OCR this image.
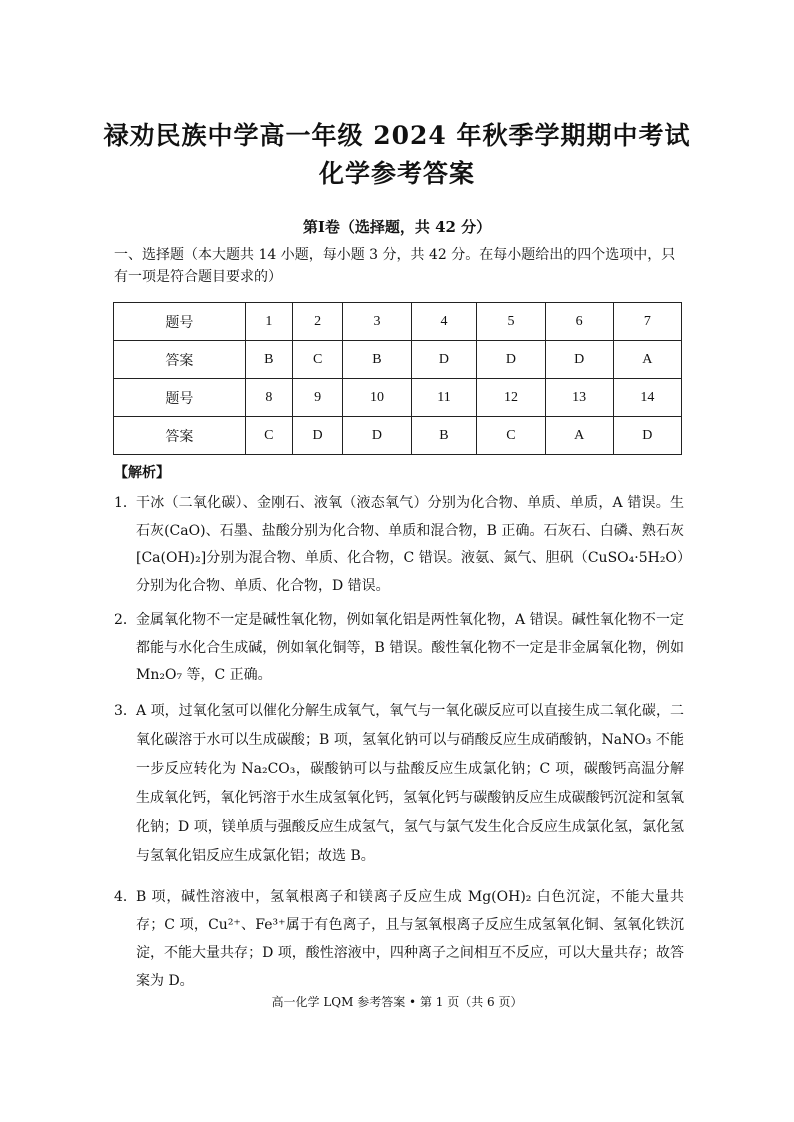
禄劝民族中学高一年级 2024 年秋季学期期中考试
化学参考答案
第Ⅰ卷（选择题，共 42 分）
一、选择题（本大题共 14 小题，每小题 3 分，共 42 分。在每小题给出的四个选项中，只有一项是符合题目要求的）
题号	1	2	3	4	5	6	7
答案	B	C	B	D	D	D	A
题号	8	9	10	11	12	13	14
答案	C	D	D	B	C	A	D
【解析】
1． 干冰（二氧化碳）、金刚石、液氧（液态氧气）分别为化合物、单质、单质，A 错误。生石灰(CaO)、石墨、盐酸分别为化合物、单质和混合物，B 正确。石灰石、白磷、熟石灰[Ca(OH)₂]分别为混合物、单质、化合物，C 错误。液氨、氮气、胆矾（CuSO₄·5H₂O）分别为化合物、单质、化合物，D 错误。
2． 金属氧化物不一定是碱性氧化物，例如氧化铝是两性氧化物，A 错误。碱性氧化物不一定都能与水化合生成碱，例如氧化铜等，B 错误。酸性氧化物不一定是非金属氧化物，例如 Mn₂O₇ 等，C 正确。
3． A 项，过氧化氢可以催化分解生成氧气，氧气与一氧化碳反应可以直接生成二氧化碳，二氧化碳溶于水可以生成碳酸；B 项，氢氧化钠可以与硝酸反应生成硝酸钠，NaNO₃ 不能一步反应转化为 Na₂CO₃，碳酸钠可以与盐酸反应生成氯化钠；C 项，碳酸钙高温分解生成氧化钙，氧化钙溶于水生成氢氧化钙，氢氧化钙与碳酸钠反应生成碳酸钙沉淀和氢氧化钠；D 项，镁单质与强酸反应生成氢气，氢气与氯气发生化合反应生成氯化氢，氯化氢与氢氧化铝反应生成氯化铝；故选 B。
4． B 项，碱性溶液中，氢氧根离子和镁离子反应生成 Mg(OH)₂ 白色沉淀，不能大量共存；C 项，Cu²⁺、Fe³⁺属于有色离子，且与氢氧根离子反应生成氢氧化铜、氢氧化铁沉淀，不能大量共存；D 项，酸性溶液中，四种离子之间相互不反应，可以大量共存；故答案为 D。
高一化学 LQM 参考答案 • 第 1 页（共 6 页）
